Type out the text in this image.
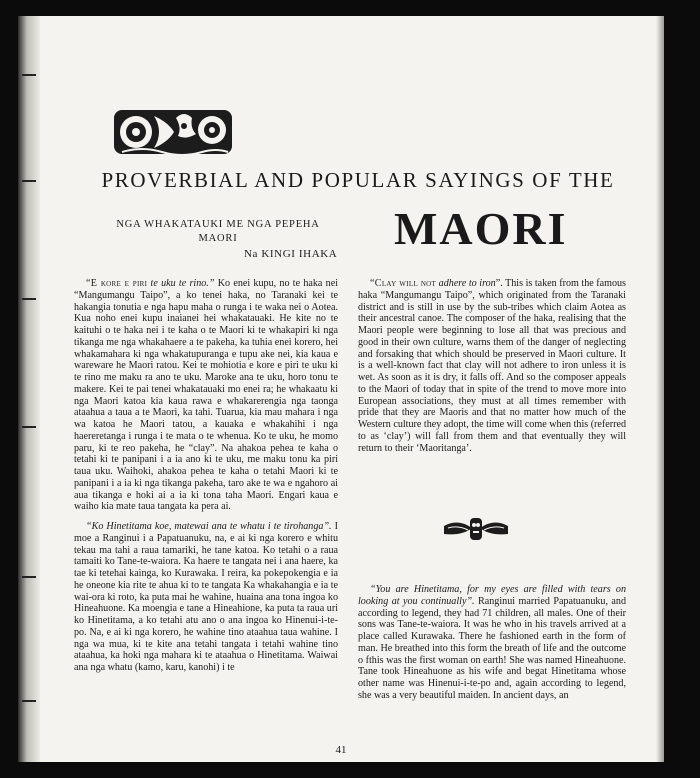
PROVERBIAL AND POPULAR SAYINGS OF THE
NGA WHAKATAUKI ME NGA PEPEHA
MAORI
Na KINGI IHAKA MAORI

“E kore e piri te uku te rino.” Ko enei kupu, no te haka nei “Mangumangu Taipo”, a ko tenei haka, no Taranaki kei te hakangia tonutia e nga hapu maha o runga i te waka nei o Aotea. Kua noho enei kupu inaianei hei whakatauaki. He kite no te kaituhi o te haka nei i te kaha o te Maori ki te whakapiri ki nga tikanga me nga whakahaere a te pakeha, ka tuhia enei korero, hei whakamahara ki nga whakatupuranga e tupu ake nei, kia kaua e wareware he Maori ratou. Kei te mohiotia e kore e piri te uku ki te rino me maku ra ano te uku. Maroke ana te uku, horo tonu te makere. Kei te pai tenei whakatauaki mo enei ra; he whakaatu ki nga Maori katoa kia kaua rawa e whakarerengia nga taonga ataahua a taua a te Maori, ka tahi. Tuarua, kia mau mahara i nga wa katoa he Maori tatou, a kauaka e whakahihi i nga haereretanga i runga i te mata o te whenua. Ko te uku, he momo paru, ki te reo pakeha, he “clay”. Na ahakoa pehea te kaha o tetahi ki te panipani i a ia ano ki te uku, me maku tonu ka piri taua uku. Waihoki, ahakoa pehea te kaha o tetahi Maori ki te panipani i a ia ki nga tikanga pakeha, taro ake te wa e ngahoro ai aua tikanga e hoki ai a ia ki tona taha Maori. Engari kaua e waiho kia mate taua tangata ka pera ai.

“Ko Hinetitama koe, matewai ana te whatu i te tirohanga”. I moe a Ranginui i a Papatuanuku, na, e ai ki nga korero e whitu tekau ma tahi a raua tamariki, he tane katoa. Ko tetahi o a raua tamaiti ko Tane-te-waiora. Ka haere te tangata nei i ana haere, ka tae ki tetehai kainga, ko Kurawaka. I reira, ka pokepokengia e ia he oneone kia rite te ahua ki to te tangata Ka whakahangia e ia te wai-ora ki roto, ka puta mai he wahine, huaina ana tona ingoa ko Hineahuone. Ka moengia e tane a Hineahione, ka puta ta raua uri ko Hinetitama, a ko tetahi atu ano o ana ingoa ko Hinenui-i-te-po. Na, e ai ki nga korero, he wahine tino ataahua taua wahine. I nga wa mua, ki te kite ana tetahi tangata i tetahi wahine tino ataahua, ka hoki nga mahara ki te ataahua o Hinetitama. Waiwai ana nga whatu (kamo, karu, kanohi) i te

“Clay will not adhere to iron”. This is taken from the famous haka “Mangumangu Taipo”, which originated from the Taranaki district and is still in use by the sub-tribes which claim Aotea as their ancestral canoe. The composer of the haka, realising that the Maori people were beginning to lose all that was precious and good in their own culture, warns them of the danger of neglecting and forsaking that which should be preserved in Maori culture. It is a well-known fact that clay will not adhere to iron unless it is wet. As soon as it is dry, it falls off. And so the composer appeals to the Maori of today that in spite of the trend to move more into European associations, they must at all times remember with pride that they are Maoris and that no matter how much of the Western culture they adopt, the time will come when this (referred to as ‘clay’) will fall from them and that eventually they will return to their ‘Maoritanga’.

“You are Hinetitama, for my eyes are filled with tears on looking at you continually”. Ranginui married Papatuanuku, and according to legend, they had 71 children, all males. One of their sons was Tane-te-waiora. It was he who in his travels arrived at a place called Kurawaka. There he fashioned earth in the form of man. He breathed into this form the breath of life and the outcome o fthis was the first woman on earth! She was named Hineahuone. Tane took Hineahuone as his wife and begat Hinetitama whose other name was Hinenui-i-te-po and, again according to legend, she was a very beautiful maiden. In ancient days, an

41
